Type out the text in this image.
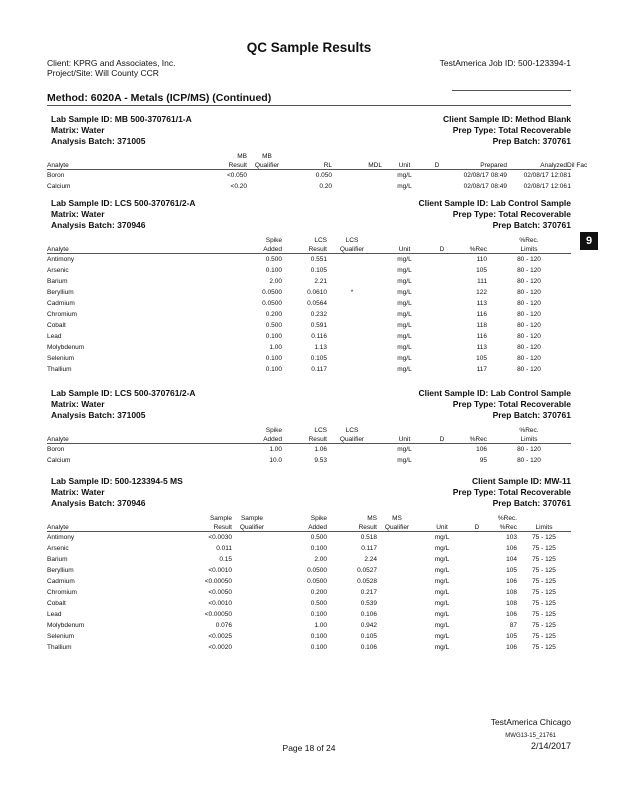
QC Sample Results
Client: KPRG and Associates, Inc.
Project/Site: Will County CCR
TestAmerica Job ID: 500-123394-1
Method: 6020A - Metals (ICP/MS) (Continued)
9
Lab Sample ID: MB 500-370761/1-A
Matrix: Water
Analysis Batch: 371005
Client Sample ID: Method Blank
Prep Type: Total Recoverable
Prep Batch: 370761
	MB	MB							
Analyte	Result	Qualifier	RL	MDL	Unit	D	Prepared	Analyzed	Dil Fac
Boron	<0.050		0.050		mg/L		02/08/17 08:49	02/08/17 12:08	1
Calcium	<0.20		0.20		mg/L		02/08/17 08:49	02/08/17 12:06	1
Lab Sample ID: LCS 500-370761/2-A
Matrix: Water
Analysis Batch: 370946
Client Sample ID: Lab Control Sample
Prep Type: Total Recoverable
Prep Batch: 370761
	Spike	LCS	LCS				%Rec.
Analyte	Added	Result	Qualifier	Unit	D	%Rec	Limits
Antimony	0.500	0.551		mg/L		110	80 - 120
Arsenic	0.100	0.105		mg/L		105	80 - 120
Barium	2.00	2.21		mg/L		111	80 - 120
Beryllium	0.0500	0.0610	*	mg/L		122	80 - 120
Cadmium	0.0500	0.0564		mg/L		113	80 - 120
Chromium	0.200	0.232		mg/L		116	80 - 120
Cobalt	0.500	0.591		mg/L		118	80 - 120
Lead	0.100	0.116		mg/L		116	80 - 120
Molybdenum	1.00	1.13		mg/L		113	80 - 120
Selenium	0.100	0.105		mg/L		105	80 - 120
Thallium	0.100	0.117		mg/L		117	80 - 120
Lab Sample ID: LCS 500-370761/2-A
Matrix: Water
Analysis Batch: 371005
Client Sample ID: Lab Control Sample
Prep Type: Total Recoverable
Prep Batch: 370761
	Spike	LCS	LCS				%Rec.
Analyte	Added	Result	Qualifier	Unit	D	%Rec	Limits
Boron	1.00	1.06		mg/L		106	80 - 120
Calcium	10.0	9.53		mg/L		95	80 - 120
Lab Sample ID: 500-123394-5 MS
Matrix: Water
Analysis Batch: 370946
Client Sample ID: MW-11
Prep Type: Total Recoverable
Prep Batch: 370761
	Sample	Sample	Spike	MS	MS			%Rec.	
Analyte	Result	Qualifier	Added	Result	Qualifier	Unit	D	%Rec	Limits
Antimony	<0.0030		0.500	0.518		mg/L		103	75 - 125
Arsenic	0.011		0.100	0.117		mg/L		106	75 - 125
Barium	0.15		2.00	2.24		mg/L		104	75 - 125
Beryllium	<0.0010		0.0500	0.0527		mg/L		105	75 - 125
Cadmium	<0.00050		0.0500	0.0528		mg/L		106	75 - 125
Chromium	<0.0050		0.200	0.217		mg/L		108	75 - 125
Cobalt	<0.0010		0.500	0.539		mg/L		108	75 - 125
Lead	<0.00050		0.100	0.106		mg/L		106	75 - 125
Molybdenum	0.076		1.00	0.942		mg/L		87	75 - 125
Selenium	<0.0025		0.100	0.105		mg/L		105	75 - 125
Thallium	<0.0020		0.100	0.106		mg/L		106	75 - 125
TestAmerica Chicago
MWG13-15_21761
Page 18 of 24	2/14/2017
